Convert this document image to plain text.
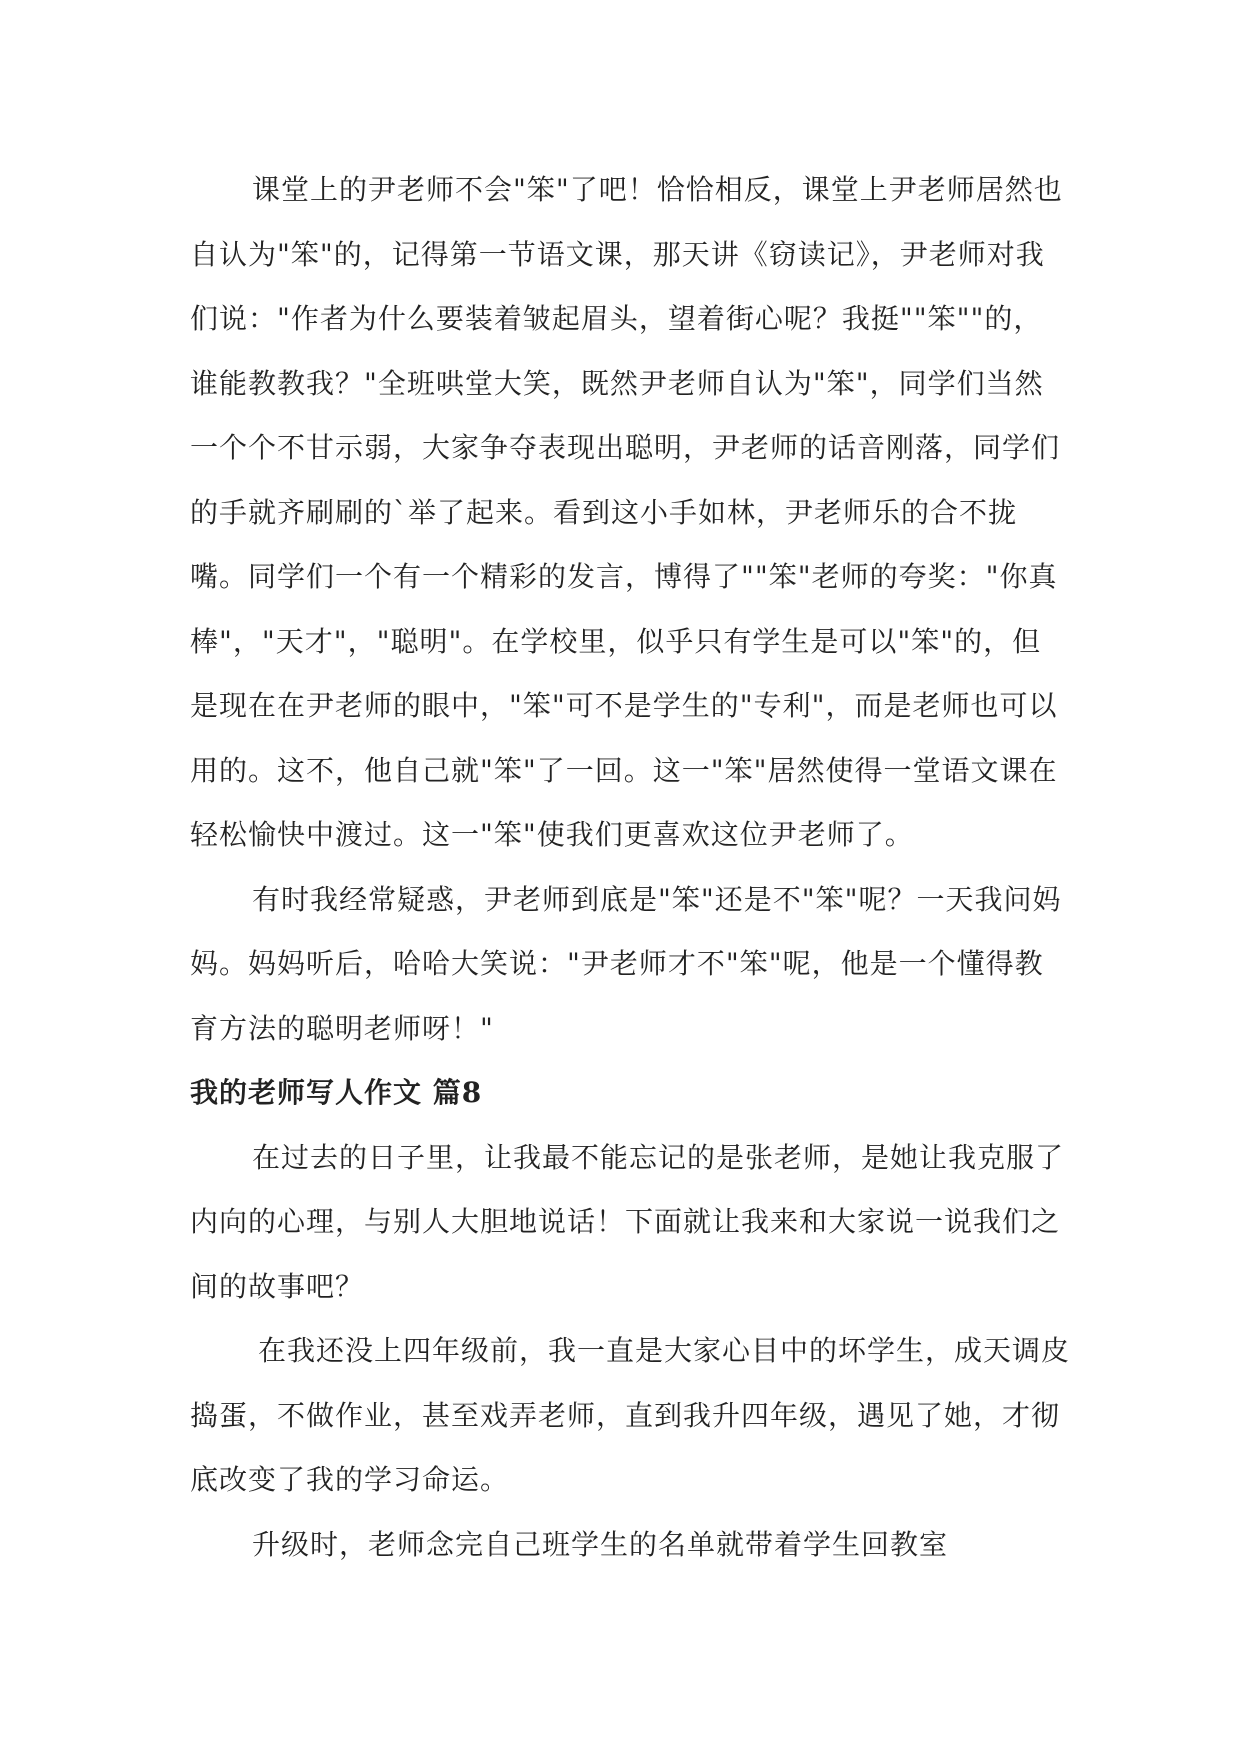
课堂上的尹老师不会"笨"了吧！恰恰相反，课堂上尹老师居然也自认为"笨"的，记得第一节语文课，那天讲《窃读记》，尹老师对我们说："作者为什么要装着皱起眉头，望着街心呢？我挺""笨""的，谁能教教我？"全班哄堂大笑，既然尹老师自认为"笨"，同学们当然一个个不甘示弱，大家争夺表现出聪明，尹老师的话音刚落，同学们的手就齐刷刷的`举了起来。看到这小手如林，尹老师乐的合不拢嘴。同学们一个有一个精彩的发言，博得了""笨"老师的夸奖："你真棒"，"天才"，"聪明"。在学校里，似乎只有学生是可以"笨"的，但是现在在尹老师的眼中，"笨"可不是学生的"专利"，而是老师也可以用的。这不，他自己就"笨"了一回。这一"笨"居然使得一堂语文课在轻松愉快中渡过。这一"笨"使我们更喜欢这位尹老师了。

有时我经常疑惑，尹老师到底是"笨"还是不"笨"呢？一天我问妈妈。妈妈听后，哈哈大笑说："尹老师才不"笨"呢，他是一个懂得教育方法的聪明老师呀！"

我的老师写人作文 篇8

在过去的日子里，让我最不能忘记的是张老师，是她让我克服了内向的心理，与别人大胆地说话！下面就让我来和大家说一说我们之间的故事吧？

在我还没上四年级前，我一直是大家心目中的坏学生，成天调皮捣蛋，不做作业，甚至戏弄老师，直到我升四年级，遇见了她，才彻底改变了我的学习命运。

升级时，老师念完自己班学生的名单就带着学生回教室
